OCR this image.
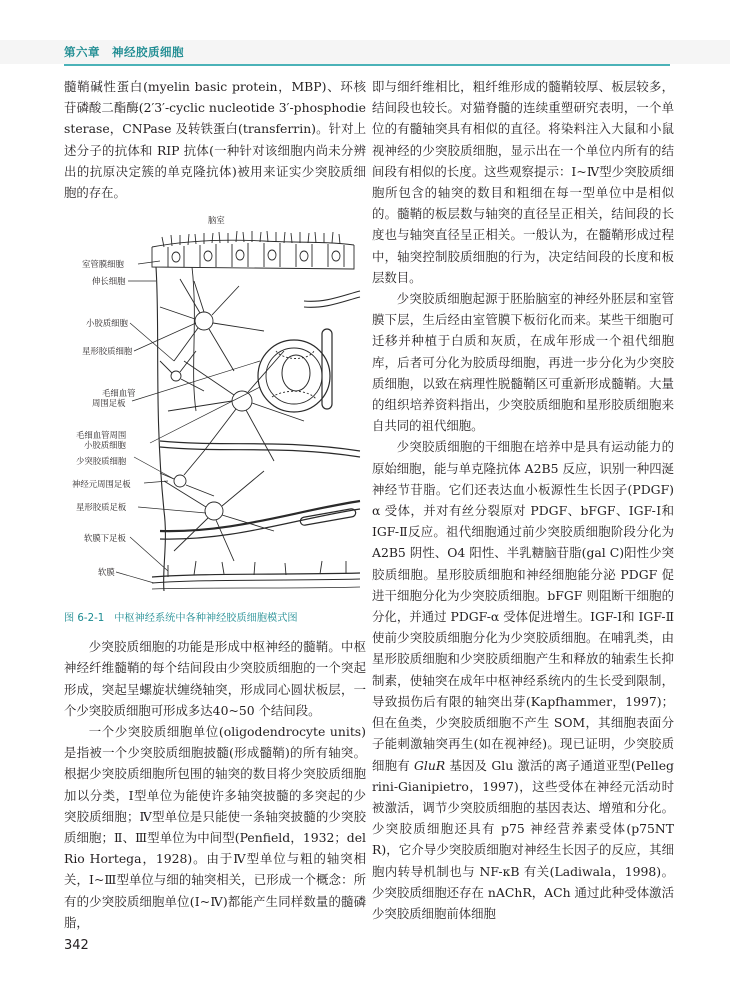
第六章　神经胶质细胞

髓鞘碱性蛋白(myelin basic protein，MBP)、环核苷磷酸二酯酶(2′3′-cyclic nucleotide 3′-phosphodiesterase，CNPase 及转铁蛋白(transferrin)。针对上述分子的抗体和 RIP 抗体(一种针对该细胞内尚未分辨出的抗原决定簇的单克隆抗体)被用来证实少突胶质细胞的存在。

脑室
室管膜细胞
伸长细胞
小胶质细胞
星形胶质细胞
毛细血管
周围足板
毛细血管周围
小胶质细胞
少突胶质细胞
神经元周围足板
星形胶质足板
软膜下足板
软膜
图 6-2-1 中枢神经系统中各种神经胶质细胞模式图

少突胶质细胞的功能是形成中枢神经的髓鞘。中枢神经纤维髓鞘的每个结间段由少突胶质细胞的一个突起形成，突起呈螺旋状缠绕轴突，形成同心圆状板层，一个少突胶质细胞可形成多达40~50 个结间段。

一个少突胶质细胞单位(oligodendrocyte units)是指被一个少突胶质细胞披髓(形成髓鞘)的所有轴突。根据少突胶质细胞所包围的轴突的数目将少突胶质细胞加以分类，Ⅰ型单位为能使许多轴突披髓的多突起的少突胶质细胞；Ⅳ型单位是只能使一条轴突披髓的少突胶质细胞；Ⅱ、Ⅲ型单位为中间型(Penfield，1932；del Rio Hortega，1928)。由于Ⅳ型单位与粗的轴突相关，Ⅰ~Ⅲ型单位与细的轴突相关，已形成一个概念：所有的少突胶质细胞单位(Ⅰ~Ⅳ)都能产生同样数量的髓磷脂，

即与细纤维相比，粗纤维形成的髓鞘较厚、板层较多，结间段也较长。对猫脊髓的连续重塑研究表明，一个单位的有髓轴突具有相似的直径。将染料注入大鼠和小鼠视神经的少突胶质细胞，显示出在一个单位内所有的结间段有相似的长度。这些观察提示：Ⅰ~Ⅳ型少突胶质细胞所包含的轴突的数目和粗细在每一型单位中是相似的。髓鞘的板层数与轴突的直径呈正相关，结间段的长度也与轴突直径呈正相关。一般认为，在髓鞘形成过程中，轴突控制胶质细胞的行为，决定结间段的长度和板层数目。

少突胶质细胞起源于胚胎脑室的神经外胚层和室管膜下层，生后经由室管膜下板衍化而来。某些干细胞可迁移并种植于白质和灰质，在成年形成一个祖代细胞库，后者可分化为胶质母细胞，再进一步分化为少突胶质细胞，以致在病理性脱髓鞘区可重新形成髓鞘。大量的组织培养资料指出，少突胶质细胞和星形胶质细胞来自共同的祖代细胞。

少突胶质细胞的干细胞在培养中是具有运动能力的原始细胞，能与单克隆抗体 A2B5 反应，识别一种四涎神经节苷脂。它们还表达血小板源性生长因子(PDGF)α 受体，并对有丝分裂原对 PDGF、bFGF、IGF-Ⅰ和 IGF-Ⅱ反应。祖代细胞通过前少突胶质细胞阶段分化为 A2B5 阴性、O4 阳性、半乳糖脑苷脂(gal C)阳性少突胶质细胞。星形胶质细胞和神经细胞能分泌 PDGF 促进干细胞分化为少突胶质细胞。bFGF 则阻断干细胞的分化，并通过 PDGF-α 受体促进增生。IGF-Ⅰ和 IGF-Ⅱ使前少突胶质细胞分化为少突胶质细胞。在哺乳类，由星形胶质细胞和少突胶质细胞产生和释放的轴索生长抑制素，使轴突在成年中枢神经系统内的生长受到限制，导致损伤后有限的轴突出芽(Kapfhammer，1997)；但在鱼类，少突胶质细胞不产生 SOM，其细胞表面分子能刺激轴突再生(如在视神经)。现已证明，少突胶质细胞有 GluR 基因及 Glu 激活的离子通道亚型(Pellegrini-Gianipietro，1997)，这些受体在神经元活动时被激活，调节少突胶质细胞的基因表达、增殖和分化。少突胶质细胞还具有 p75 神经营养素受体(p75NTR)，它介导少突胶质细胞对神经生长因子的反应，其细胞内转导机制也与 NF-κB 有关(Ladiwala，1998)。少突胶质细胞还存在 nAChR，ACh 通过此种受体激活少突胶质细胞前体细胞

342
